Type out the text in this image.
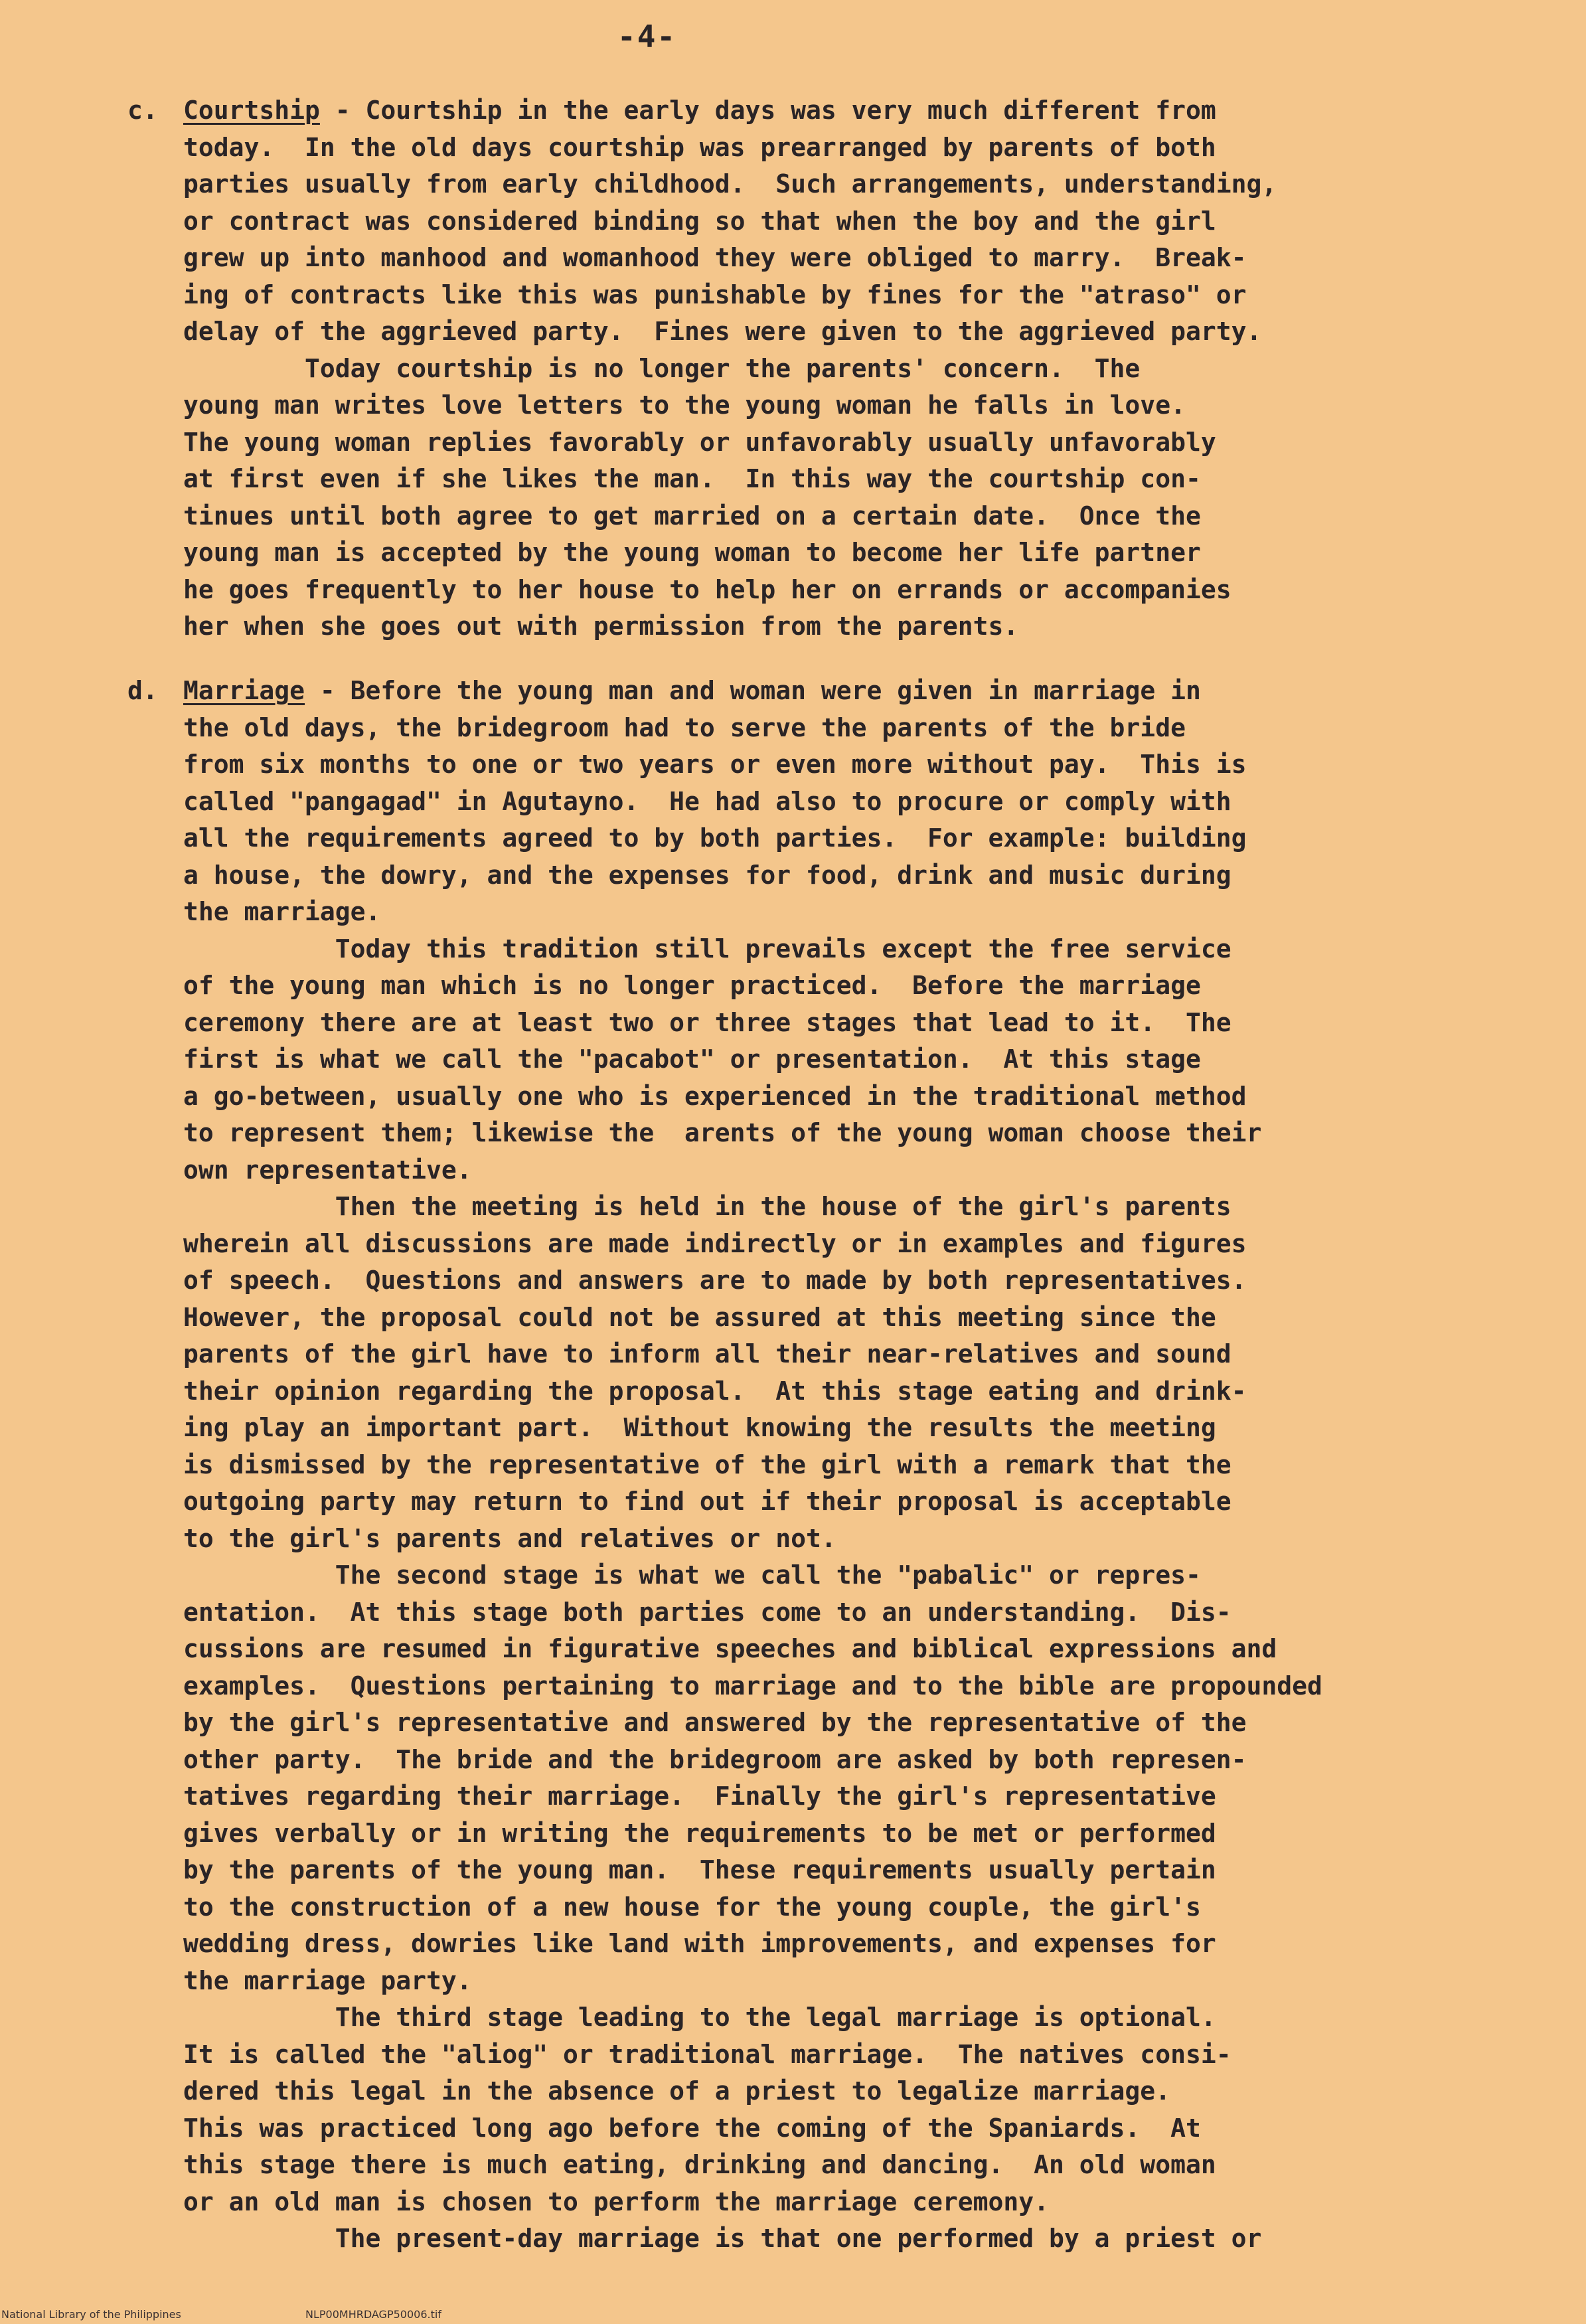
-4-
c. Courtship - Courtship in the early days was very much different from
today.  In the old days courtship was prearranged by parents of both
parties usually from early childhood.  Such arrangements, understanding,
or contract was considered binding so that when the boy and the girl
grew up into manhood and womanhood they were obliged to marry.  Break-
ing of contracts like this was punishable by fines for the "atraso" or
delay of the aggrieved party.  Fines were given to the aggrieved party.
Today courtship is no longer the parents' concern.  The
young man writes love letters to the young woman he falls in love.
The young woman replies favorably or unfavorably usually unfavorably
at first even if she likes the man.  In this way the courtship con-
tinues until both agree to get married on a certain date.  Once the
young man is accepted by the young woman to become her life partner
he goes frequently to her house to help her on errands or accompanies
her when she goes out with permission from the parents.
d. Marriage - Before the young man and woman were given in marriage in
the old days, the bridegroom had to serve the parents of the bride
from six months to one or two years or even more without pay.  This is
called "pangagad" in Agutayno.  He had also to procure or comply with
all the requirements agreed to by both parties.  For example: building
a house, the dowry, and the expenses for food, drink and music during
the marriage.
Today this tradition still prevails except the free service
of the young man which is no longer practiced.  Before the marriage
ceremony there are at least two or three stages that lead to it.  The
first is what we call the "pacabot" or presentation.  At this stage
a go-between, usually one who is experienced in the traditional method
to represent them; likewise the  arents of the young woman choose their
own representative.
Then the meeting is held in the house of the girl's parents
wherein all discussions are made indirectly or in examples and figures
of speech.  Questions and answers are to made by both representatives.
However, the proposal could not be assured at this meeting since the
parents of the girl have to inform all their near-relatives and sound
their opinion regarding the proposal.  At this stage eating and drink-
ing play an important part.  Without knowing the results the meeting
is dismissed by the representative of the girl with a remark that the
outgoing party may return to find out if their proposal is acceptable
to the girl's parents and relatives or not.
The second stage is what we call the "pabalic" or repres-
entation.  At this stage both parties come to an understanding.  Dis-
cussions are resumed in figurative speeches and biblical expressions and
examples.  Questions pertaining to marriage and to the bible are propounded
by the girl's representative and answered by the representative of the
other party.  The bride and the bridegroom are asked by both represen-
tatives regarding their marriage.  Finally the girl's representative
gives verbally or in writing the requirements to be met or performed
by the parents of the young man.  These requirements usually pertain
to the construction of a new house for the young couple, the girl's
wedding dress, dowries like land with improvements, and expenses for
the marriage party.
The third stage leading to the legal marriage is optional.
It is called the "aliog" or traditional marriage.  The natives consi-
dered this legal in the absence of a priest to legalize marriage.
This was practiced long ago before the coming of the Spaniards.  At
this stage there is much eating, drinking and dancing.  An old woman
or an old man is chosen to perform the marriage ceremony.
The present-day marriage is that one performed by a priest or
National Library of the Philippines	NLP00MHRDAGP50006.tif
